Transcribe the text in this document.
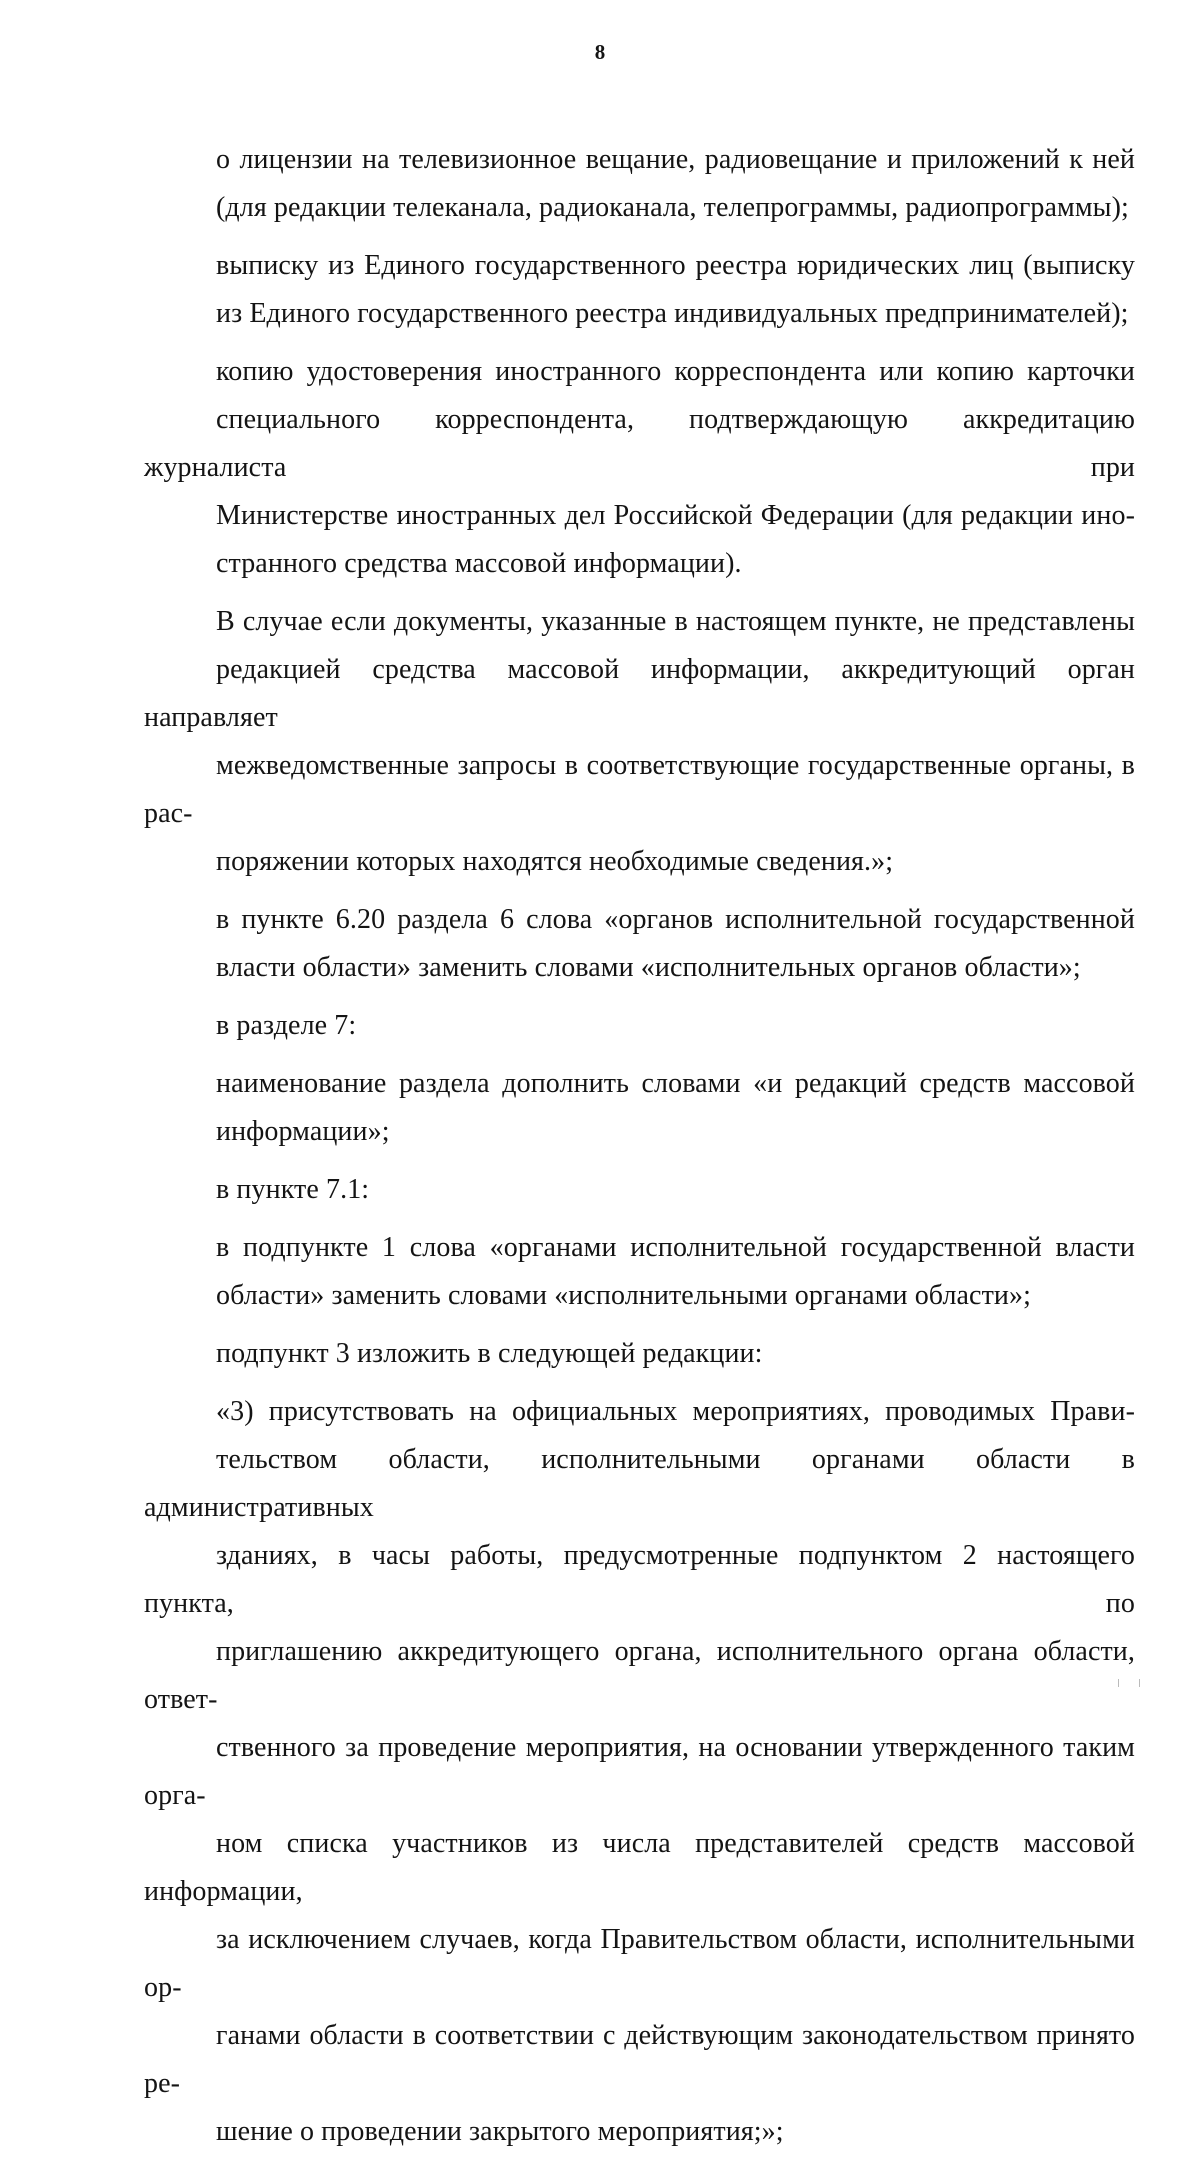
8
о лицензии на телевизионное вещание, радиовещание и приложений к ней
(для редакции телеканала, радиоканала, телепрограммы, радиопрограммы);
выписку из Единого государственного реестра юридических лиц (выписку
из Единого государственного реестра индивидуальных предпринимателей);
копию удостоверения иностранного корреспондента или копию карточки
специального корреспондента, подтверждающую аккредитацию журналиста при
Министерстве иностранных дел Российской Федерации (для редакции ино-
странного средства массовой информации).
В случае если документы, указанные в настоящем пункте, не представлены
редакцией средства массовой информации, аккредитующий орган направляет
межведомственные запросы в соответствующие государственные органы, в рас-
поряжении которых находятся необходимые сведения.»;
в пункте 6.20 раздела 6 слова «органов исполнительной государственной
власти области» заменить словами «исполнительных органов области»;
в разделе 7:
наименование раздела дополнить словами «и редакций средств массовой
информации»;
в пункте 7.1:
в подпункте 1 слова «органами исполнительной государственной власти
области» заменить словами «исполнительными органами области»;
подпункт 3 изложить в следующей редакции:
«3) присутствовать на официальных мероприятиях, проводимых Прави-
тельством области, исполнительными органами области в административных
зданиях, в часы работы, предусмотренные подпунктом 2 настоящего пункта, по
приглашению аккредитующего органа, исполнительного органа области, ответ-
ственного за проведение мероприятия, на основании утвержденного таким орга-
ном списка участников из числа представителей средств массовой информации,
за исключением случаев, когда Правительством области, исполнительными ор-
ганами области в соответствии с действующим законодательством принято ре-
шение о проведении закрытого мероприятия;»;
